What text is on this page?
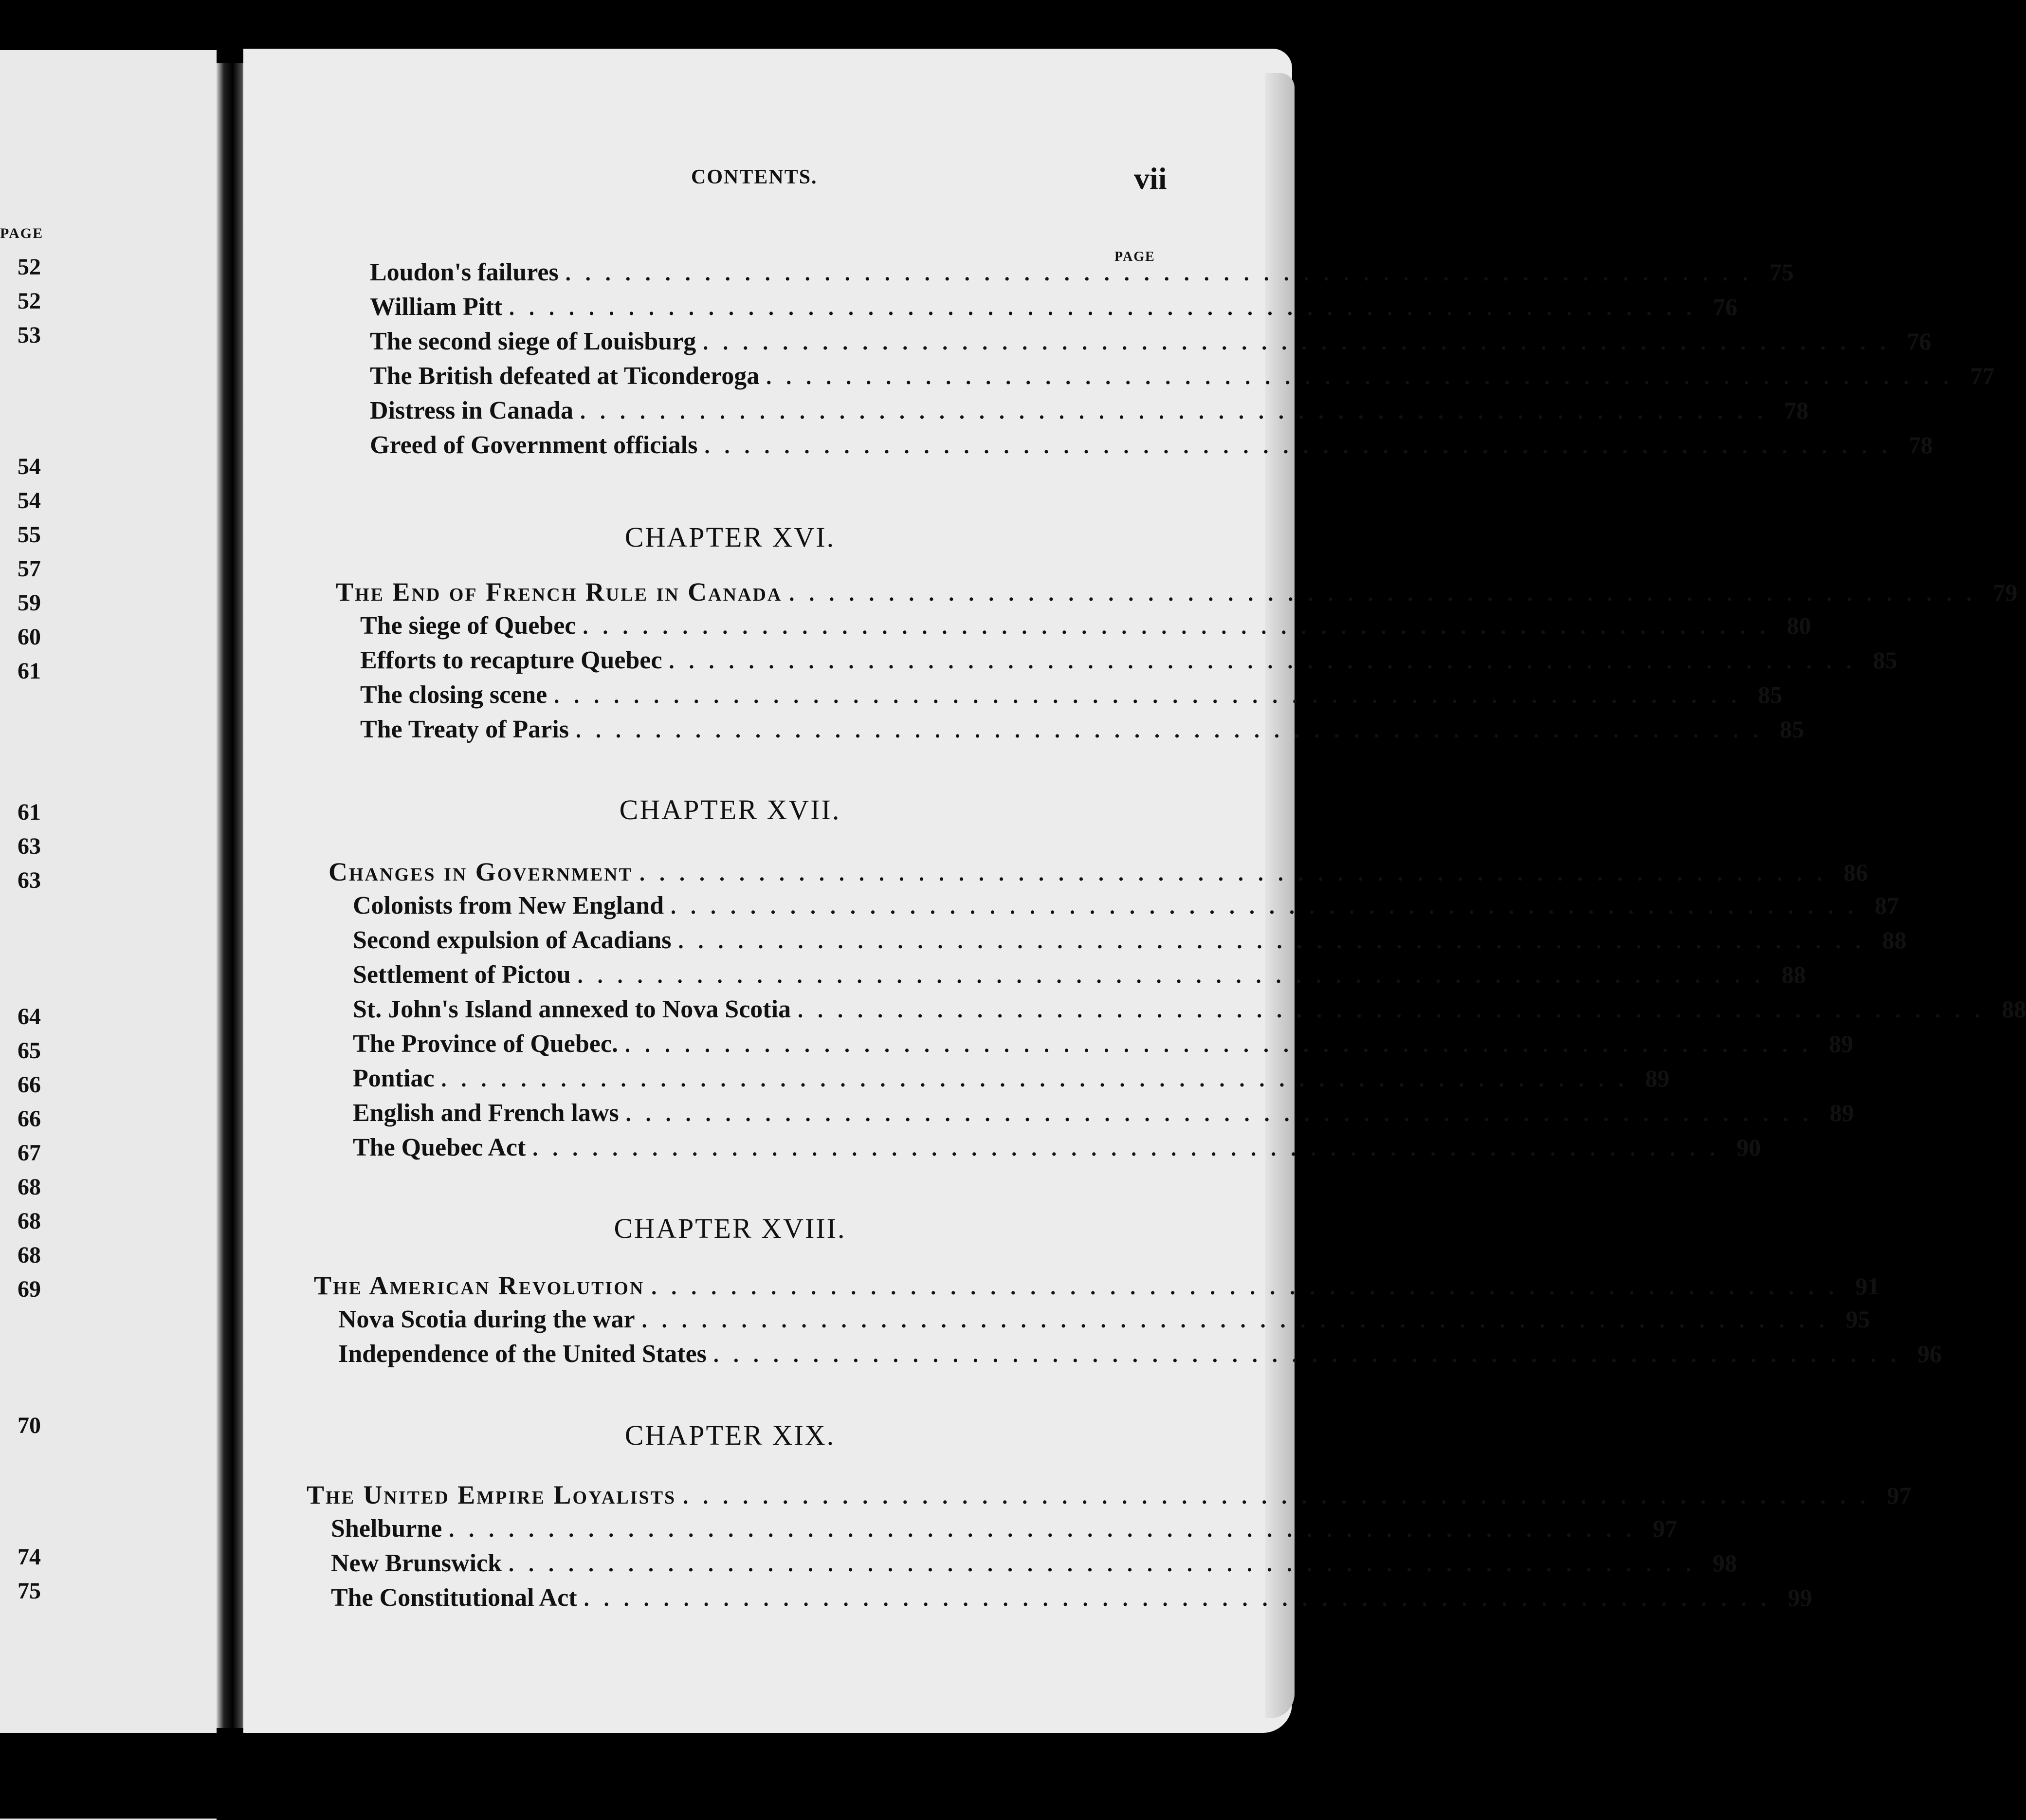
PAGE
52
52
53
54
54
55
57
59
60
61
61
63
63
64
65
66
66
67
68
68
68
69
70
74
75
CONTENTS.	vii
PAGE
Loudon's failures ............................................................ 75
William Pitt ............................................................ 76
The second siege of Louisburg ............................................................ 76
The British defeated at Ticonderoga ............................................................ 77
Distress in Canada ............................................................ 78
Greed of Government officials ............................................................ 78
CHAPTER XVI.
The End of French Rule in Canada ............................................................ 79
The siege of Quebec ............................................................ 80
Efforts to recapture Quebec ............................................................ 85
The closing scene ............................................................ 85
The Treaty of Paris ............................................................ 85
CHAPTER XVII.
Changes in Government ............................................................ 86
Colonists from New England ............................................................ 87
Second expulsion of Acadians ............................................................ 88
Settlement of Pictou ............................................................ 88
St. John's Island annexed to Nova Scotia ............................................................ 88
The Province of Quebec. ............................................................ 89
Pontiac ............................................................ 89
English and French laws ............................................................ 89
The Quebec Act ............................................................ 90
CHAPTER XVIII.
The American Revolution ............................................................ 91
Nova Scotia during the war ............................................................ 95
Independence of the United States ............................................................ 96
CHAPTER XIX.
The United Empire Loyalists ............................................................ 97
Shelburne ............................................................ 97
New Brunswick ............................................................ 98
The Constitutional Act ............................................................ 99
